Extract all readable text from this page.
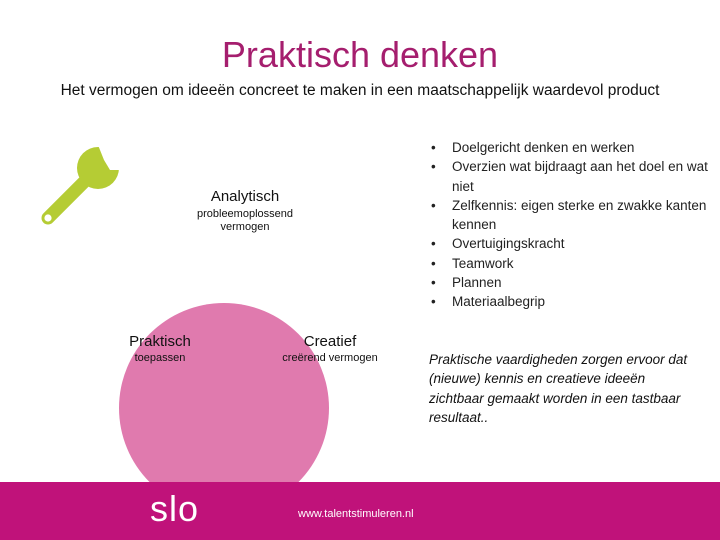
Praktisch denken
Het vermogen om ideeën concreet te maken in een maatschappelijk waardevol product
Analytisch
probleemoplossend vermogen
Praktisch
toepassen
Creatief
creërend vermogen
• Doelgericht denken en werken
• Overzien wat bijdraagt aan het doel en wat niet
• Zelfkennis: eigen sterke en zwakke kanten kennen
• Overtuigingskracht
• Teamwork
• Plannen
• Materiaalbegrip
Praktische vaardigheden zorgen ervoor dat (nieuwe) kennis en creatieve ideeën zichtbaar gemaakt worden in een tastbaar resultaat..
slo	www.talentstimuleren.nl
